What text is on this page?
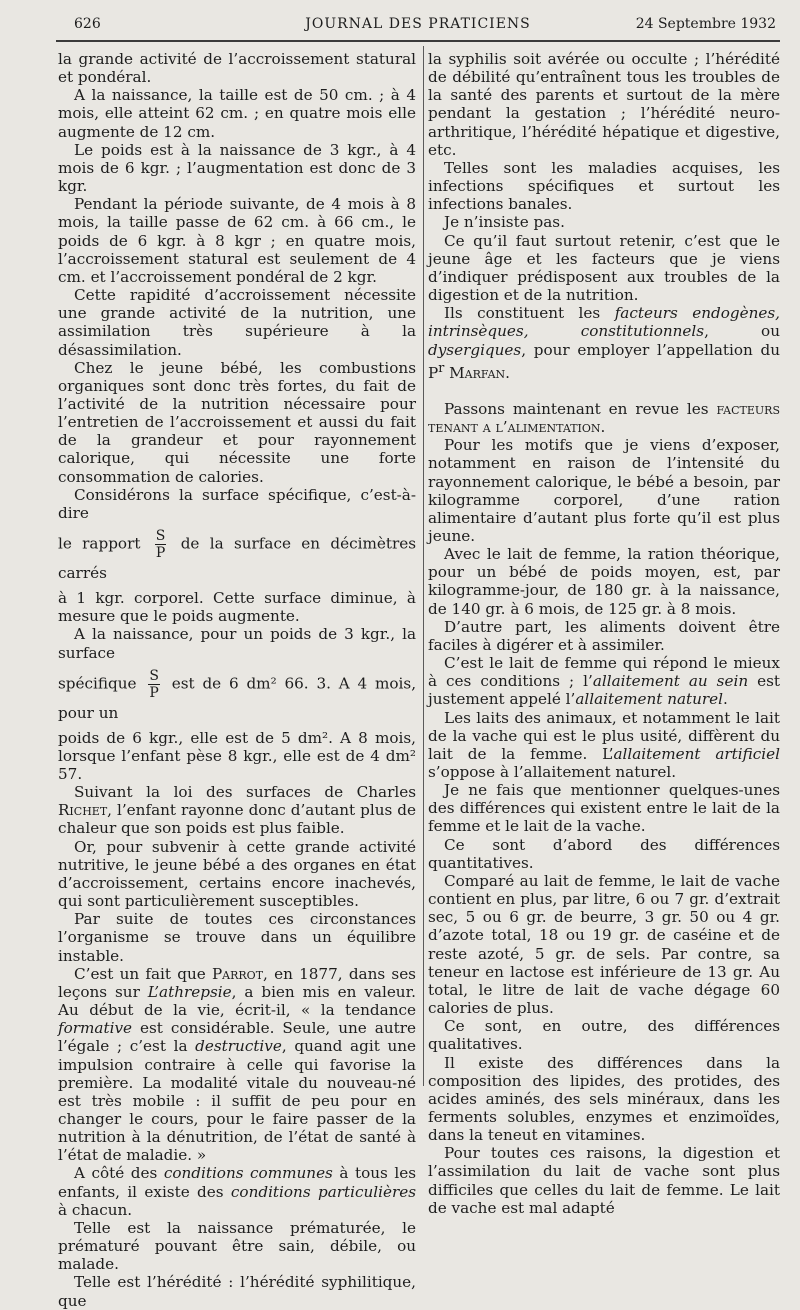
626	JOURNAL DES PRATICIENS	24 Septembre 1932

la grande activité de l’accroissement statural et pondéral.

A la naissance, la taille est de 50 cm. ; à 4 mois, elle atteint 62 cm. ; en quatre mois elle augmente de 12 cm.

Le poids est à la naissance de 3 kgr., à 4 mois de 6 kgr. ; l’augmentation est donc de 3 kgr.

Pendant la période suivante, de 4 mois à 8 mois, la taille passe de 62 cm. à 66 cm., le poids de 6 kgr. à 8 kgr ; en quatre mois, l’accroissement statural est seulement de 4 cm. et l’accroissement pondéral de 2 kgr.

Cette rapidité d’accroissement nécessite une grande activité de la nutrition, une assimilation très supérieure à la désassimilation.

Chez le jeune bébé, les combustions organiques sont donc très fortes, du fait de l’activité de la nutrition nécessaire pour l’entretien de l’accroissement et aussi du fait de la grandeur et pour rayonnement calorique, qui nécessite une forte consommation de calories.

Considérons la surface spécifique, c’est-à-dire

le rapport $\frac{S}{P}$ de la surface en décimètres carrés

à 1 kgr. corporel. Cette surface diminue, à mesure que le poids augmente.

A la naissance, pour un poids de 3 kgr., la surface

spécifique $\frac{S}{P}$ est de 6 dm² 66. 3. A 4 mois, pour un

poids de 6 kgr., elle est de 5 dm². A 8 mois, lorsque l’enfant pèse 8 kgr., elle est de 4 dm² 57.

Suivant la loi des surfaces de Charles Richet, l’enfant rayonne donc d’autant plus de chaleur que son poids est plus faible.

Or, pour subvenir à cette grande activité nutritive, le jeune bébé a des organes en état d’accroissement, certains encore inachevés, qui sont particulièrement susceptibles.

Par suite de toutes ces circonstances l’organisme se trouve dans un équilibre instable.

C’est un fait que Parrot, en 1877, dans ses leçons sur L’athrepsie, a bien mis en valeur. Au début de la vie, écrit-il, « la tendance formative est considérable. Seule, une autre l’égale ; c’est la destructive, quand agit une impulsion contraire à celle qui favorise la première. La modalité vitale du nouveau-né est très mobile : il suffit de peu pour en changer le cours, pour le faire passer de la nutrition à la dénutrition, de l’état de santé à l’état de maladie. »

A côté des conditions communes à tous les enfants, il existe des conditions particulières à chacun.

Telle est la naissance prématurée, le prématuré pouvant être sain, débile, ou malade.

Telle est l’hérédité : l’hérédité syphilitique, que

la syphilis soit avérée ou occulte ; l’hérédité de débilité qu’entraînent tous les troubles de la santé des parents et surtout de la mère pendant la gestation ; l’hérédité neuro-arthritique, l’hérédité hépatique et digestive, etc.

Telles sont les maladies acquises, les infections spécifiques et surtout les infections banales.

Je n’insiste pas.

Ce qu’il faut surtout retenir, c’est que le jeune âge et les facteurs que je viens d’indiquer prédisposent aux troubles de la digestion et de la nutrition.

Ils constituent les facteurs endogènes, intrinsèques, constitutionnels, ou dysergiques, pour employer l’appellation du $P^r$ Marfan.

Passons maintenant en revue les facteurs tenant a l’alimentation.

Pour les motifs que je viens d’exposer, notamment en raison de l’intensité du rayonnement calorique, le bébé a besoin, par kilogramme corporel, d’une ration alimentaire d’autant plus forte qu’il est plus jeune.

Avec le lait de femme, la ration théorique, pour un bébé de poids moyen, est, par kilogramme-jour, de 180 gr. à la naissance, de 140 gr. à 6 mois, de 125 gr. à 8 mois.

D’autre part, les aliments doivent être faciles à digérer et à assimiler.

C’est le lait de femme qui répond le mieux à ces conditions ; l’allaitement au sein est justement appelé l’allaitement naturel.

Les laits des animaux, et notamment le lait de la vache qui est le plus usité, diffèrent du lait de la femme. L’allaitement artificiel s’oppose à l’allaitement naturel.

Je ne fais que mentionner quelques-unes des différences qui existent entre le lait de la femme et le lait de la vache.

Ce sont d’abord des différences quantitatives.

Comparé au lait de femme, le lait de vache contient en plus, par litre, 6 ou 7 gr. d’extrait sec, 5 ou 6 gr. de beurre, 3 gr. 50 ou 4 gr. d’azote total, 18 ou 19 gr. de caséine et de reste azoté, 5 gr. de sels. Par contre, sa teneur en lactose est inférieure de 13 gr. Au total, le litre de lait de vache dégage 60 calories de plus.

Ce sont, en outre, des différences qualitatives.

Il existe des différences dans la composition des lipides, des protides, des acides aminés, des sels minéraux, dans les ferments solubles, enzymes et enzimoïdes, dans la teneut en vitamines.

Pour toutes ces raisons, la digestion et l’assimilation du lait de vache sont plus difficiles que celles du lait de femme. Le lait de vache est mal adapté
